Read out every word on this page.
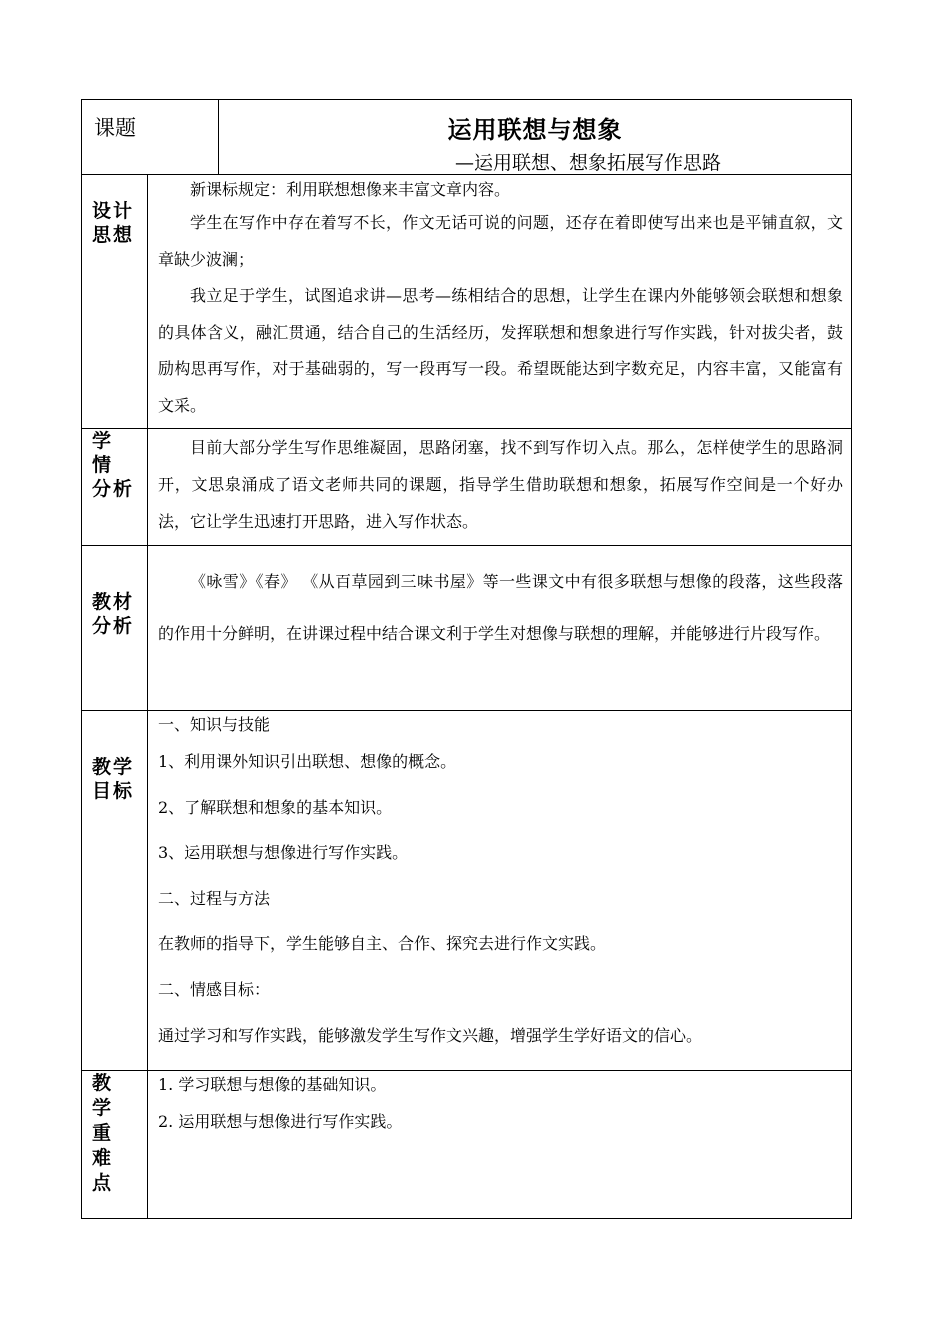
课题	运用联想与想象
—运用联想、想象拓展写作思路
设计
思想

新课标规定：利用联想想像来丰富文章内容。

学生在写作中存在着写不长，作文无话可说的问题，还存在着即使写出来也是平铺直叙，文章缺少波澜；

我立足于学生，试图追求讲—思考—练相结合的思想，让学生在课内外能够领会联想和想象的具体含义，融汇贯通，结合自己的生活经历，发挥联想和想象进行写作实践，针对拔尖者，鼓励构思再写作，对于基础弱的，写一段再写一段。希望既能达到字数充足，内容丰富，又能富有文采。

学 情
分析

目前大部分学生写作思维凝固，思路闭塞，找不到写作切入点。那么，怎样使学生的思路洞开，文思泉涌成了语文老师共同的课题，指导学生借助联想和想象，拓展写作空间是一个好办法，它让学生迅速打开思路，进入写作状态。

教材
分析

《咏雪》《春》 《从百草园到三味书屋》等一些课文中有很多联想与想像的段落，这些段落的作用十分鲜明，在讲课过程中结合课文利于学生对想像与联想的理解，并能够进行片段写作。

教学
目标

一、知识与技能

1、利用课外知识引出联想、想像的概念。

2、了解联想和想象的基本知识。

3、运用联想与想像进行写作实践。

二、过程与方法

在教师的指导下，学生能够自主、合作、探究去进行作文实践。

二、情感目标：

通过学习和写作实践，能够激发学生写作文兴趣，增强学生学好语文的信心。

教 学
重 难
点

1. 学习联想与想像的基础知识。

2. 运用联想与想像进行写作实践。
